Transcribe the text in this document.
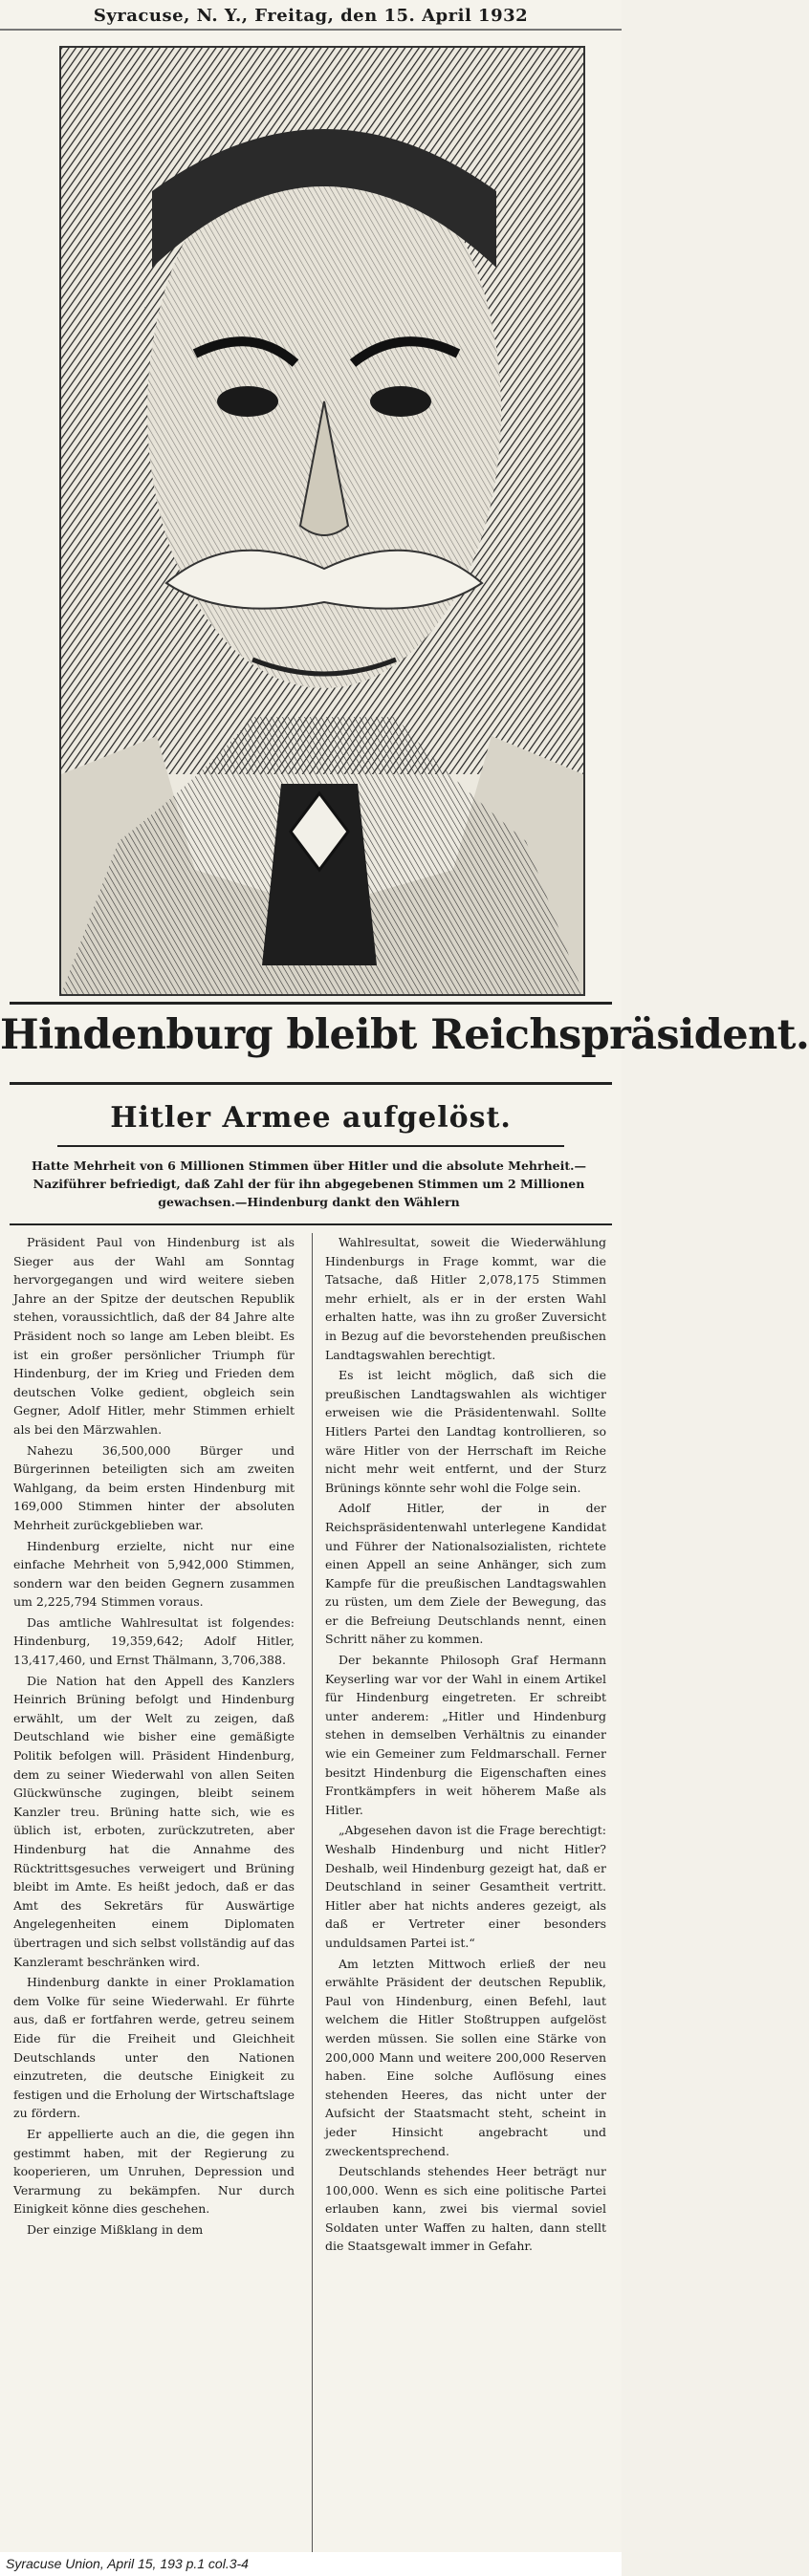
Syracuse, N. Y., Freitag, den 15. April 1932
Hindenburg bleibt Reichspräsident.
Hitler Armee aufgelöst.
Hatte Mehrheit von 6 Millionen Stimmen über Hitler und die absolute Mehrheit.—Naziführer befriedigt, daß Zahl der für ihn abgegebenen Stimmen um 2 Millionen gewachsen.—Hindenburg dankt den Wählern

Präsident Paul von Hindenburg ist als Sieger aus der Wahl am Sonntag hervorgegangen und wird weitere sieben Jahre an der Spitze der deutschen Republik stehen, voraussichtlich, daß der 84 Jahre alte Präsident noch so lange am Leben bleibt. Es ist ein großer persönlicher Triumph für Hindenburg, der im Krieg und Frieden dem deutschen Volke gedient, obgleich sein Gegner, Adolf Hitler, mehr Stimmen erhielt als bei den Märzwahlen.

Nahezu 36,500,000 Bürger und Bürgerinnen beteiligten sich am zweiten Wahlgang, da beim ersten Hindenburg mit 169,000 Stimmen hinter der absoluten Mehrheit zurückgeblieben war.

Hindenburg erzielte, nicht nur eine einfache Mehrheit von 5,942,000 Stimmen, sondern war den beiden Gegnern zusammen um 2,225,794 Stimmen voraus.

Das amtliche Wahlresultat ist folgendes: Hindenburg, 19,359,642; Adolf Hitler, 13,417,460, und Ernst Thälmann, 3,706,388.

Die Nation hat den Appell des Kanzlers Heinrich Brüning befolgt und Hindenburg erwählt, um der Welt zu zeigen, daß Deutschland wie bisher eine gemäßigte Politik befolgen will. Präsident Hindenburg, dem zu seiner Wiederwahl von allen Seiten Glückwünsche zugingen, bleibt seinem Kanzler treu. Brüning hatte sich, wie es üblich ist, erboten, zurückzutreten, aber Hindenburg hat die Annahme des Rücktrittsgesuches verweigert und Brüning bleibt im Amte. Es heißt jedoch, daß er das Amt des Sekretärs für Auswärtige Angelegenheiten einem Diplomaten übertragen und sich selbst vollständig auf das Kanzleramt beschränken wird.

Hindenburg dankte in einer Proklamation dem Volke für seine Wiederwahl. Er führte aus, daß er fortfahren werde, getreu seinem Eide für die Freiheit und Gleichheit Deutschlands unter den Nationen einzutreten, die deutsche Einigkeit zu festigen und die Erholung der Wirtschaftslage zu fördern.

Er appellierte auch an die, die gegen ihn gestimmt haben, mit der Regierung zu kooperieren, um Unruhen, Depression und Verarmung zu bekämpfen. Nur durch Einigkeit könne dies geschehen.

Der einzige Mißklang in dem

Wahlresultat, soweit die Wiederwählung Hindenburgs in Frage kommt, war die Tatsache, daß Hitler 2,078,175 Stimmen mehr erhielt, als er in der ersten Wahl erhalten hatte, was ihn zu großer Zuversicht in Bezug auf die bevorstehenden preußischen Landtagswahlen berechtigt.

Es ist leicht möglich, daß sich die preußischen Landtagswahlen als wichtiger erweisen wie die Präsidentenwahl. Sollte Hitlers Partei den Landtag kontrollieren, so wäre Hitler von der Herrschaft im Reiche nicht mehr weit entfernt, und der Sturz Brünings könnte sehr wohl die Folge sein.

Adolf Hitler, der in der Reichspräsidentenwahl unterlegene Kandidat und Führer der Nationalsozialisten, richtete einen Appell an seine Anhänger, sich zum Kampfe für die preußischen Landtagswahlen zu rüsten, um dem Ziele der Bewegung, das er die Befreiung Deutschlands nennt, einen Schritt näher zu kommen.

Der bekannte Philosoph Graf Hermann Keyserling war vor der Wahl in einem Artikel für Hindenburg eingetreten. Er schreibt unter anderem: „Hitler und Hindenburg stehen in demselben Verhältnis zu einander wie ein Gemeiner zum Feldmarschall. Ferner besitzt Hindenburg die Eigenschaften eines Frontkämpfers in weit höherem Maße als Hitler.

„Abgesehen davon ist die Frage berechtigt: Weshalb Hindenburg und nicht Hitler? Deshalb, weil Hindenburg gezeigt hat, daß er Deutschland in seiner Gesamtheit vertritt. Hitler aber hat nichts anderes gezeigt, als daß er Vertreter einer besonders unduldsamen Partei ist.“

Am letzten Mittwoch erließ der neu erwählte Präsident der deutschen Republik, Paul von Hindenburg, einen Befehl, laut welchem die Hitler Stoßtruppen aufgelöst werden müssen. Sie sollen eine Stärke von 200,000 Mann und weitere 200,000 Reserven haben. Eine solche Auflösung eines stehenden Heeres, das nicht unter der Aufsicht der Staatsmacht steht, scheint in jeder Hinsicht angebracht und zweckentsprechend.

Deutschlands stehendes Heer beträgt nur 100,000. Wenn es sich eine politische Partei erlauben kann, zwei bis viermal soviel Soldaten unter Waffen zu halten, dann stellt die Staatsgewalt immer in Gefahr.

Syracuse Union, April 15, 193 p.1 col.3-4
